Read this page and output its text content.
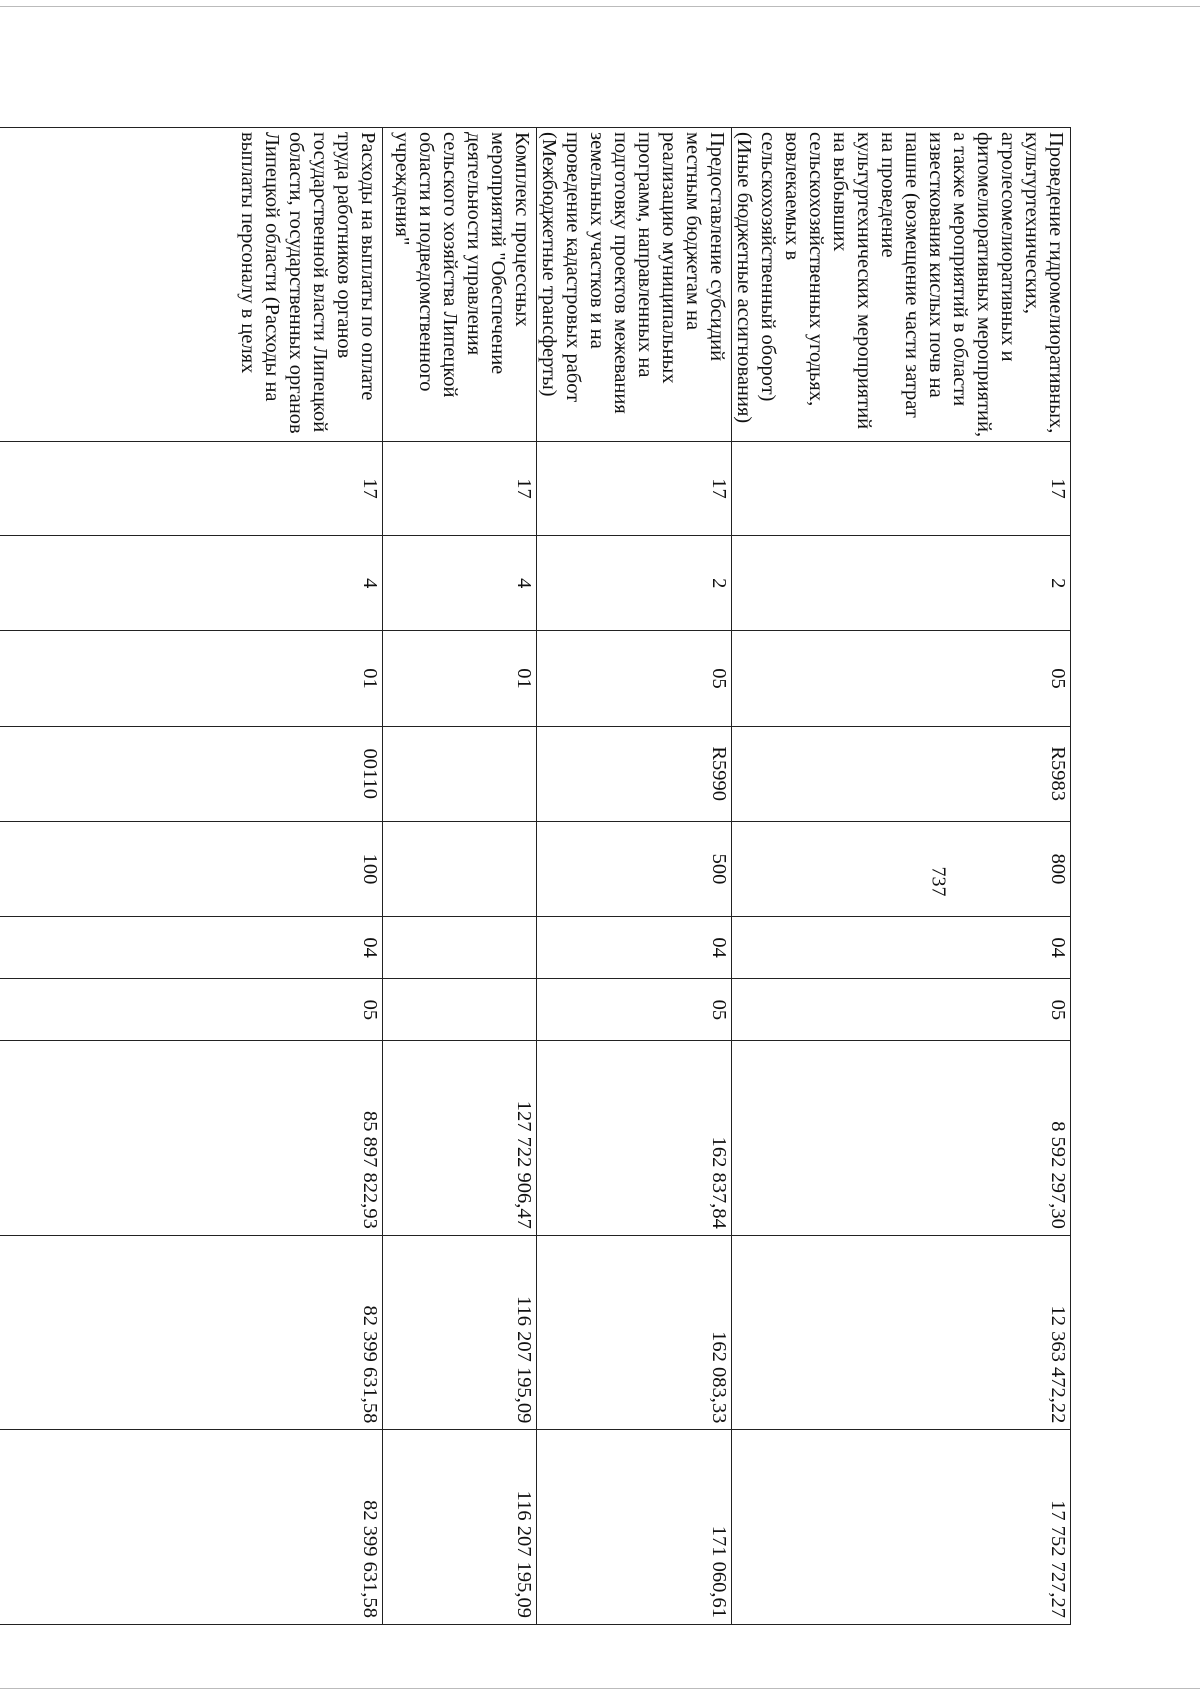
737
Проведение гидромелиоративных, культуртехнических, агролесомелиоративных и фитомелиоративных мероприятий, а также мероприятий в области известкования кислых почв на пашне (возмещение части затрат на проведение культуртехнических мероприятий на выбывших сельскохозяйственных угодьях, вовлекаемых в сельскохозяйственный оборот) (Иные бюджетные ассигнования)	17	2	05	R5983	800	04	05	8 592 297,30	12 363 472,22	17 752 727,27
Предоставление субсидий местным бюджетам на реализацию муниципальных программ, направленных на подготовку проектов межевания земельных участков и на проведение кадастровых работ (Межбюджетные трансферты)	17	2	05	R5990	500	04	05	162 837,84	162 083,33	171 060,61
Комплекс процессных мероприятий "Обеспечение деятельности управления сельского хозяйства Липецкой области и подведомственного учреждения"	17	4	01					127 722 906,47	116 207 195,09	116 207 195,09
Расходы на выплаты по оплате труда работников органов государственной власти Липецкой области, государственных органов Липецкой области (Расходы на выплаты персоналу в целях	17	4	01	00110	100	04	05	85 897 822,93	82 399 631,58	82 399 631,58
